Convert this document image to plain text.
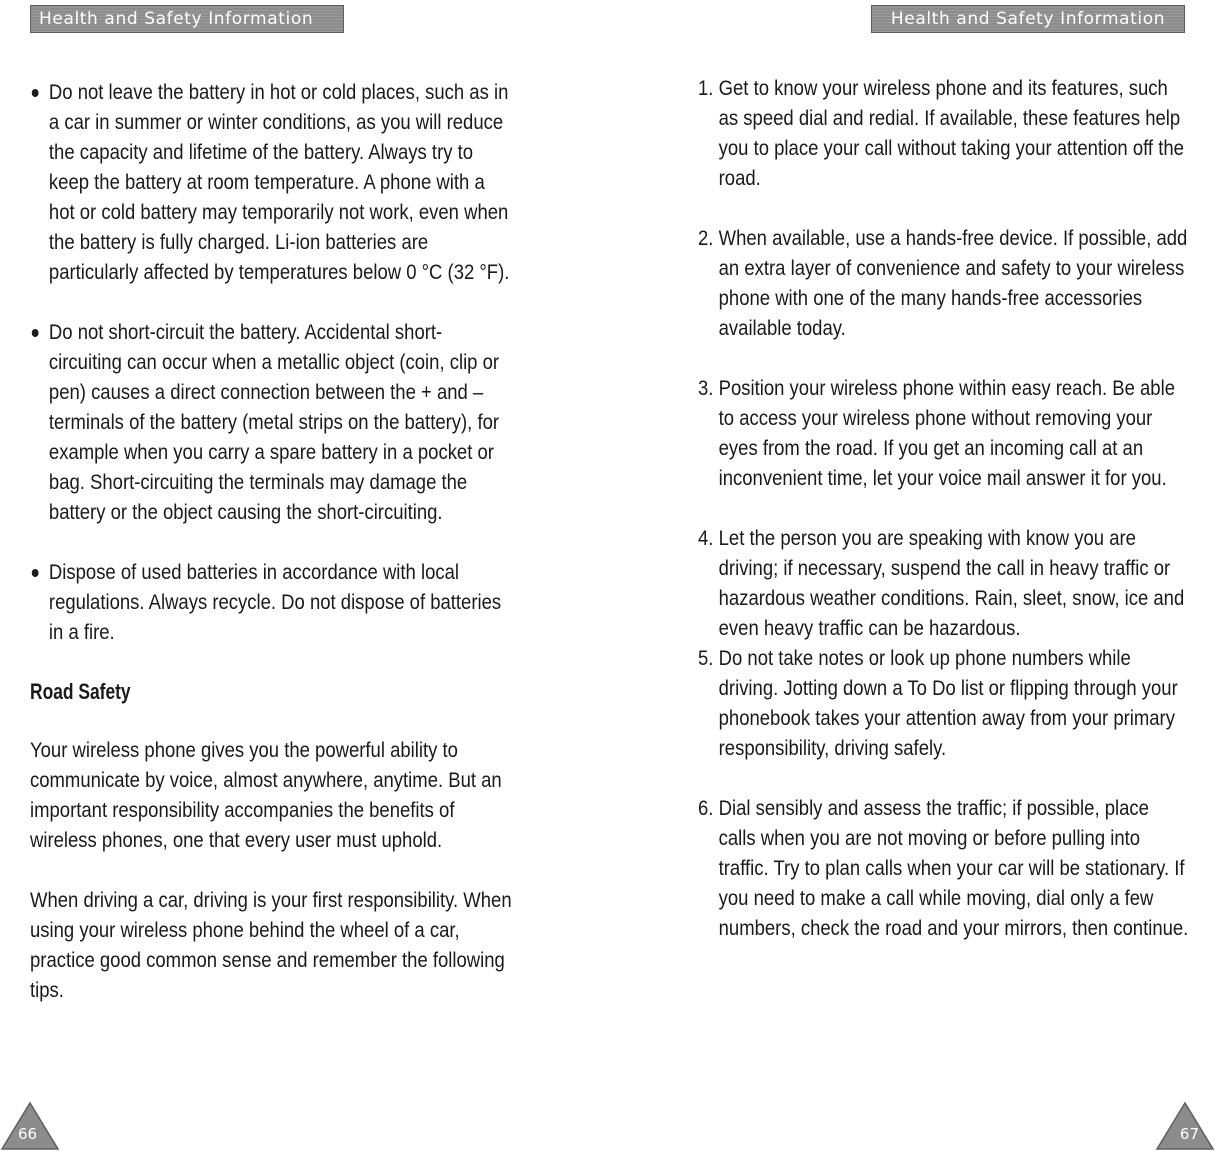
Health and Safety Information
Do not leave the battery in hot or cold places, such as in a car in summer or winter conditions, as you will reduce the capacity and lifetime of the battery. Always try to keep the battery at room temperature. A phone with a hot or cold battery may temporarily not work, even when the battery is fully charged. Li-ion batteries are particularly affected by temperatures below 0 °C (32 °F).
Do not short-circuit the battery. Accidental short-circuiting can occur when a metallic object (coin, clip or pen) causes a direct connection between the + and – terminals of the battery (metal strips on the battery), for example when you carry a spare battery in a pocket or bag. Short-circuiting the terminals may damage the battery or the object causing the short-circuiting.
Dispose of used batteries in accordance with local regulations. Always recycle. Do not dispose of batteries in a fire.
Road Safety
Your wireless phone gives you the powerful ability to communicate by voice, almost anywhere, anytime. But an important responsibility accompanies the benefits of wireless phones, one that every user must uphold.
When driving a car, driving is your first responsibility. When using your wireless phone behind the wheel of a car, practice good common sense and remember the following tips.
66
Health and Safety Information
1. Get to know your wireless phone and its features, such as speed dial and redial. If available, these features help you to place your call without taking your attention off the road.
2. When available, use a hands-free device. If possible, add an extra layer of convenience and safety to your wireless phone with one of the many hands-free accessories available today.
3. Position your wireless phone within easy reach. Be able to access your wireless phone without removing your eyes from the road. If you get an incoming call at an inconvenient time, let your voice mail answer it for you.
4. Let the person you are speaking with know you are driving; if necessary, suspend the call in heavy traffic or hazardous weather conditions. Rain, sleet, snow, ice and even heavy traffic can be hazardous.
5. Do not take notes or look up phone numbers while driving. Jotting down a To Do list or flipping through your phonebook takes your attention away from your primary responsibility, driving safely.
6. Dial sensibly and assess the traffic; if possible, place calls when you are not moving or before pulling into traffic. Try to plan calls when your car will be stationary. If you need to make a call while moving, dial only a few numbers, check the road and your mirrors, then continue.
67
